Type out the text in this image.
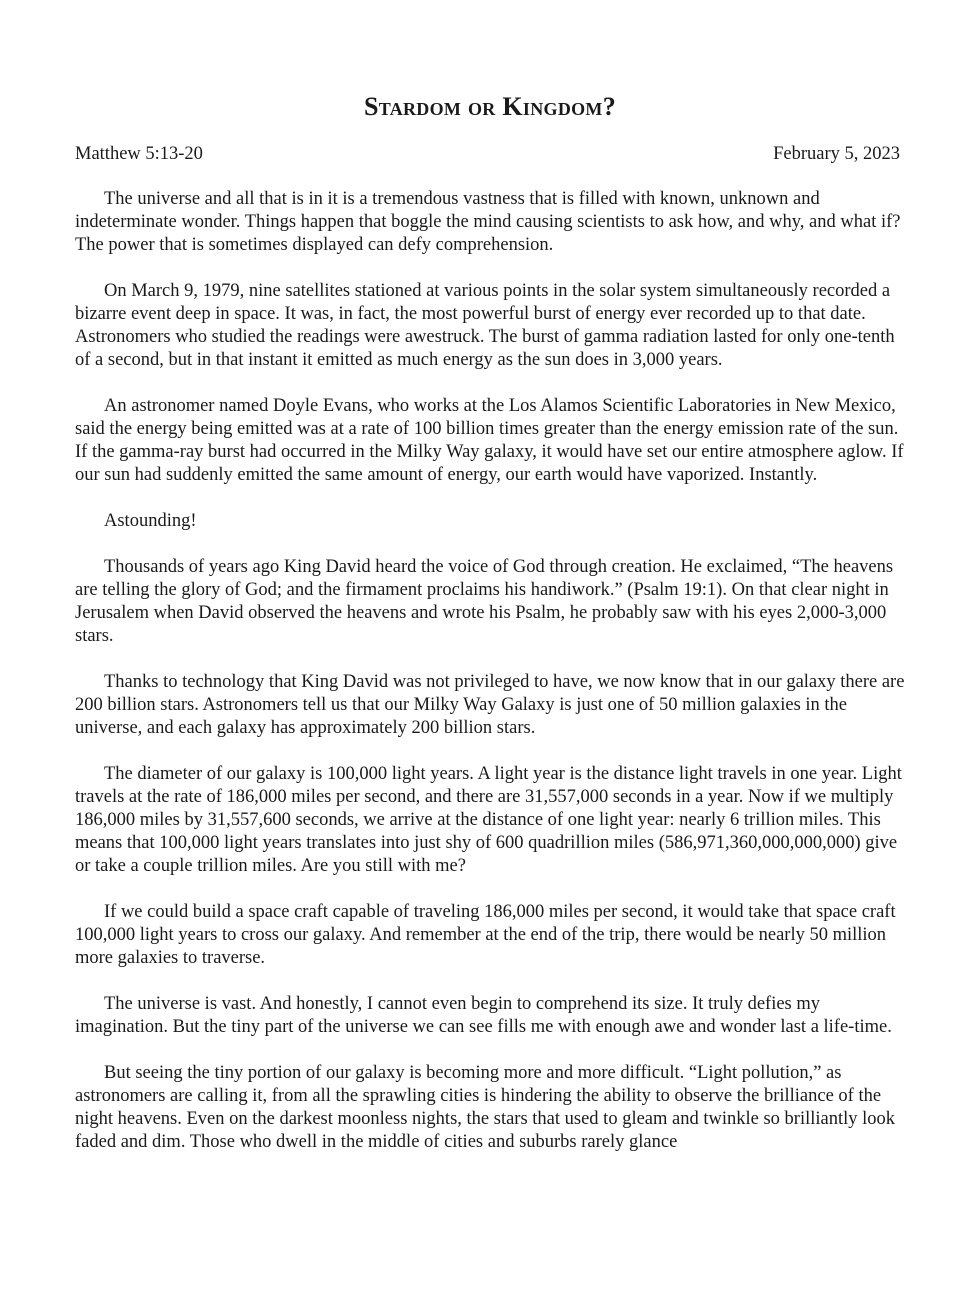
Stardom or Kingdom?
Matthew 5:13-20	February 5, 2023

The universe and all that is in it is a tremendous vastness that is filled with known, unknown and indeterminate wonder. Things happen that boggle the mind causing scientists to ask how, and why, and what if? The power that is sometimes displayed can defy comprehension.

On March 9, 1979, nine satellites stationed at various points in the solar system simultaneously recorded a bizarre event deep in space. It was, in fact, the most powerful burst of energy ever recorded up to that date. Astronomers who studied the readings were awestruck. The burst of gamma radiation lasted for only one-tenth of a second, but in that instant it emitted as much energy as the sun does in 3,000 years.

An astronomer named Doyle Evans, who works at the Los Alamos Scientific Laboratories in New Mexico, said the energy being emitted was at a rate of 100 billion times greater than the energy emission rate of the sun. If the gamma-ray burst had occurred in the Milky Way galaxy, it would have set our entire atmosphere aglow. If our sun had suddenly emitted the same amount of energy, our earth would have vaporized. Instantly.

Astounding!

Thousands of years ago King David heard the voice of God through creation. He exclaimed, “The heavens are telling the glory of God; and the firmament proclaims his handiwork.” (Psalm 19:1). On that clear night in Jerusalem when David observed the heavens and wrote his Psalm, he probably saw with his eyes 2,000-3,000 stars.

Thanks to technology that King David was not privileged to have, we now know that in our galaxy there are 200 billion stars. Astronomers tell us that our Milky Way Galaxy is just one of 50 million galaxies in the universe, and each galaxy has approximately 200 billion stars.

The diameter of our galaxy is 100,000 light years. A light year is the distance light travels in one year. Light travels at the rate of 186,000 miles per second, and there are 31,557,000 seconds in a year. Now if we multiply 186,000 miles by 31,557,600 seconds, we arrive at the distance of one light year: nearly 6 trillion miles. This means that 100,000 light years translates into just shy of 600 quadrillion miles (586,971,360,000,000,000) give or take a couple trillion miles. Are you still with me?

If we could build a space craft capable of traveling 186,000 miles per second, it would take that space craft 100,000 light years to cross our galaxy. And remember at the end of the trip, there would be nearly 50 million more galaxies to traverse.

The universe is vast. And honestly, I cannot even begin to comprehend its size. It truly defies my imagination. But the tiny part of the universe we can see fills me with enough awe and wonder last a life-time.

But seeing the tiny portion of our galaxy is becoming more and more difficult. “Light pollution,” as astronomers are calling it, from all the sprawling cities is hindering the ability to observe the brilliance of the night heavens. Even on the darkest moonless nights, the stars that used to gleam and twinkle so brilliantly look faded and dim. Those who dwell in the middle of cities and suburbs rarely glance
